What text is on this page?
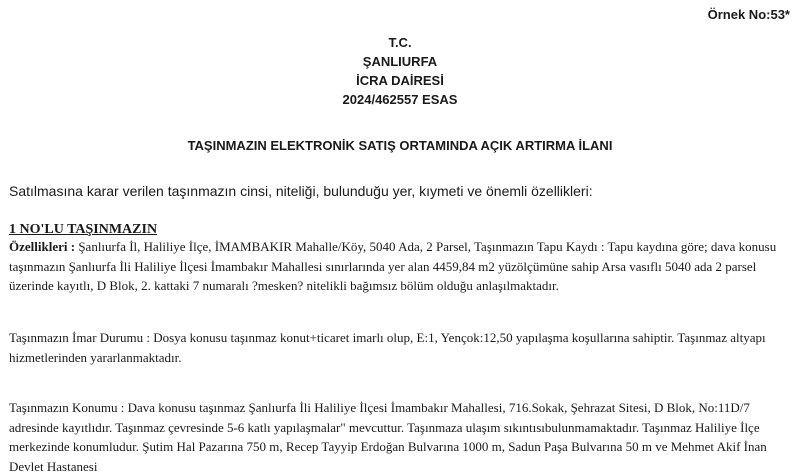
Örnek No:53*
T.C.
ŞANLIURFA
İCRA DAİRESİ
2024/462557 ESAS
TAŞINMAZIN ELEKTRONİK SATIŞ ORTAMINDA AÇIK ARTIRMA İLANI
Satılmasına karar verilen taşınmazın cinsi, niteliği, bulunduğu yer, kıymeti ve önemli özellikleri:
1 NO'LU TAŞINMAZIN
Özellikleri : Şanlıurfa İl, Haliliye İlçe, İMAMBAKIR Mahalle/Köy, 5040 Ada, 2 Parsel, Taşınmazın Tapu Kaydı : Tapu kaydına göre; dava konusu taşınmazın Şanlıurfa İli Haliliye İlçesi İmambakır Mahallesi sınırlarında yer alan 4459,84 m2 yüzölçümüne sahip Arsa vasıflı 5040 ada 2 parsel üzerinde kayıtlı, D Blok, 2. kattaki 7 numaralı ?mesken? nitelikli bağımsız bölüm olduğu anlaşılmaktadır.
Taşınmazın İmar Durumu : Dosya konusu taşınmaz konut+ticaret imarlı olup, E:1, Yençok:12,50 yapılaşma koşullarına sahiptir. Taşınmaz altyapı hizmetlerinden yararlanmaktadır.
Taşınmazın Konumu : Dava konusu taşınmaz Şanlıurfa İli Haliliye İlçesi İmambakır Mahallesi, 716.Sokak, Şehrazat Sitesi, D Blok, No:11D/7 adresinde kayıtlıdır. Taşınmaz çevresinde 5-6 katlı yapılaşmalar" mevcuttur. Taşınmaza ulaşım sıkıntısıbulunmamaktadır. Taşınmaz Haliliye İlçe merkezinde konumludur. Şutim Hal Pazarına 750 m, Recep Tayyip Erdoğan Bulvarına 1000 m, Sadun Paşa Bulvarına 50 m ve Mehmet Akif İnan Devlet Hastanesi
